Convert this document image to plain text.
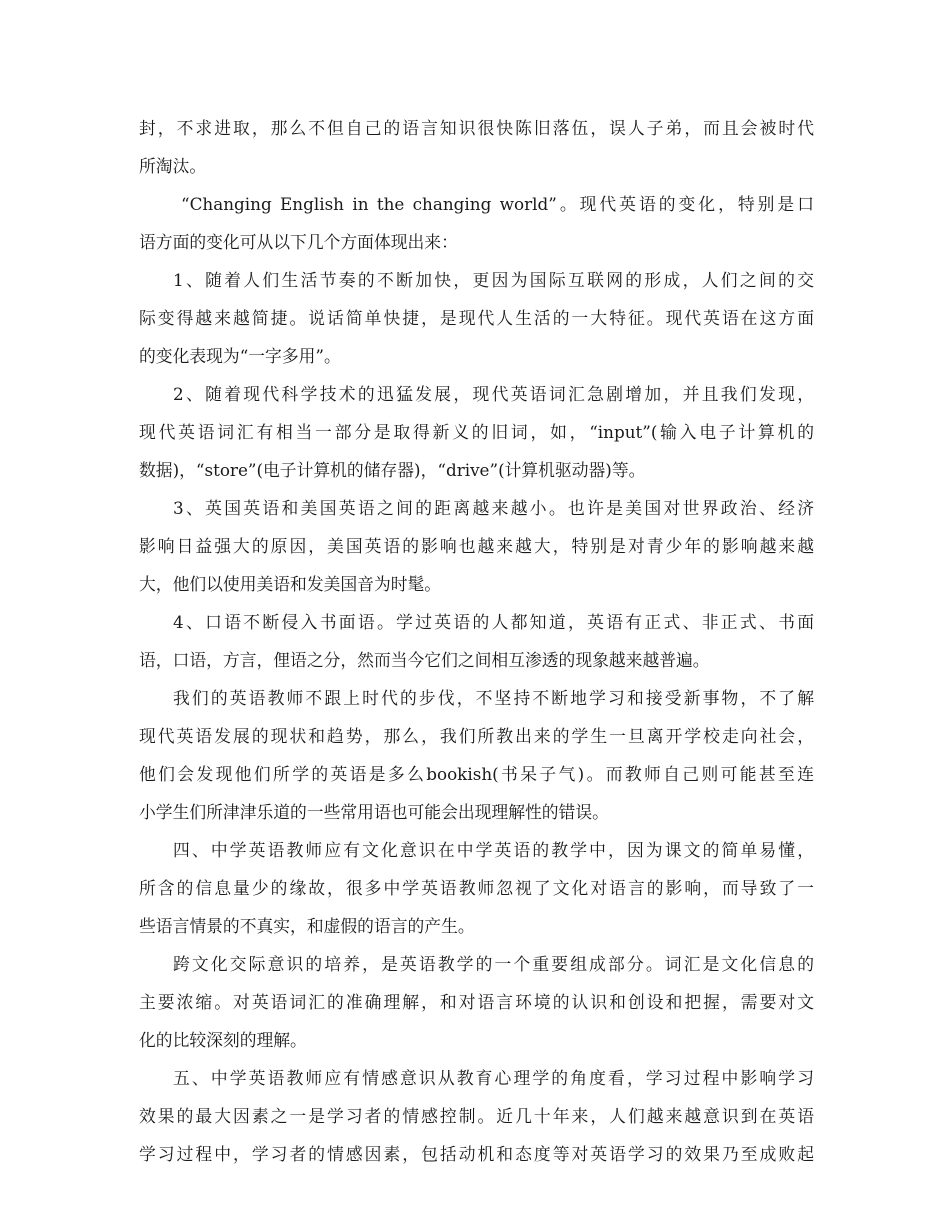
封，不求进取，那么不但自己的语言知识很快陈旧落伍，误人子弟，而且会被时代
所淘汰。
“Changing English in the changing world”。现代英语的变化，特别是口
语方面的变化可从以下几个方面体现出来：
1、随着人们生活节奏的不断加快，更因为国际互联网的形成，人们之间的交
际变得越来越简捷。说话简单快捷，是现代人生活的一大特征。现代英语在这方面
的变化表现为“一字多用”。
2、随着现代科学技术的迅猛发展，现代英语词汇急剧增加，并且我们发现，
现代英语词汇有相当一部分是取得新义的旧词，如，“input”(输入电子计算机的
数据)，“store”(电子计算机的储存器)，“drive”(计算机驱动器)等。
3、英国英语和美国英语之间的距离越来越小。也许是美国对世界政治、经济
影响日益强大的原因，美国英语的影响也越来越大，特别是对青少年的影响越来越
大，他们以使用美语和发美国音为时髦。
4、口语不断侵入书面语。学过英语的人都知道，英语有正式、非正式、书面
语，口语，方言，俚语之分，然而当今它们之间相互渗透的现象越来越普遍。
我们的英语教师不跟上时代的步伐，不坚持不断地学习和接受新事物，不了解
现代英语发展的现状和趋势，那么，我们所教出来的学生一旦离开学校走向社会，
他们会发现他们所学的英语是多么bookish(书呆子气)。而教师自己则可能甚至连
小学生们所津津乐道的一些常用语也可能会出现理解性的错误。
四、中学英语教师应有文化意识在中学英语的教学中，因为课文的简单易懂，
所含的信息量少的缘故，很多中学英语教师忽视了文化对语言的影响，而导致了一
些语言情景的不真实，和虚假的语言的产生。
跨文化交际意识的培养，是英语教学的一个重要组成部分。词汇是文化信息的
主要浓缩。对英语词汇的准确理解，和对语言环境的认识和创设和把握，需要对文
化的比较深刻的理解。
五、中学英语教师应有情感意识从教育心理学的角度看，学习过程中影响学习
效果的最大因素之一是学习者的情感控制。近几十年来，人们越来越意识到在英语
学习过程中，学习者的情感因素，包括动机和态度等对英语学习的效果乃至成败起
